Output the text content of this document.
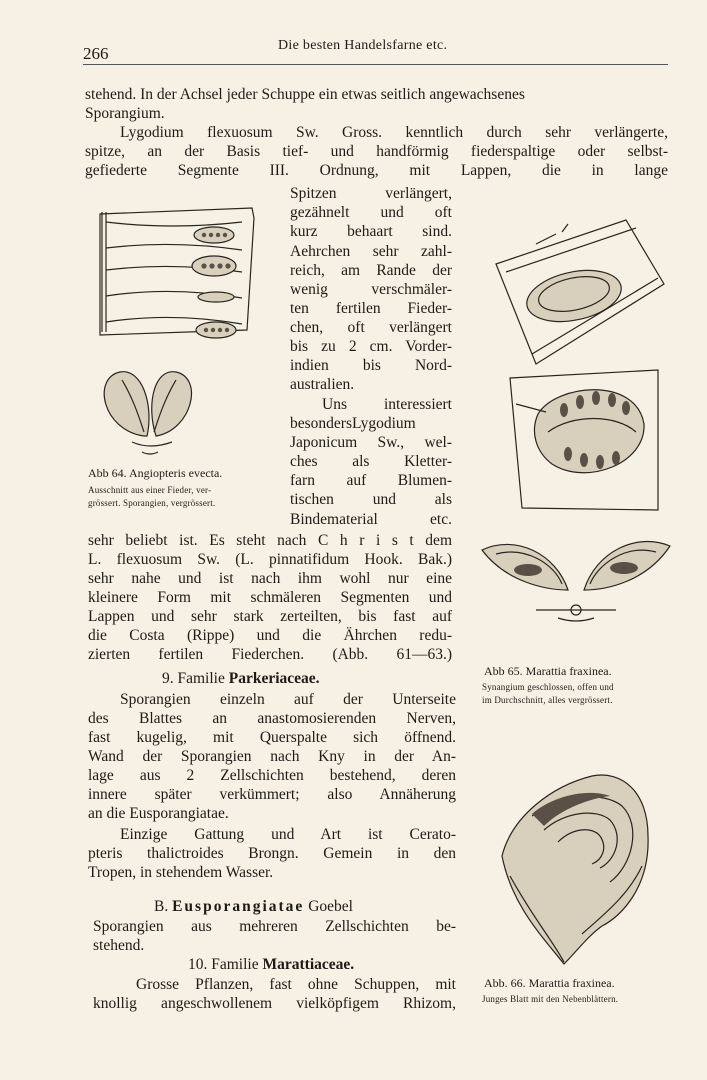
266	Die besten Handelsfarne etc.
stehend. In der Achsel jeder Schuppe ein etwas seitlich angewachsenes
Sporangium.
Lygodium flexuosum Sw. Gross. kenntlich durch sehr verlängerte,
spitze, an der Basis tief- und handförmig fiederspaltige oder selbst-
gefiederte Segmente III. Ordnung, mit Lappen, die in lange
Spitzen verlängert,
gezähnelt und oft
kurz behaart sind.
Aehrchen sehr zahl-
reich, am Rande der
wenig verschmäler-
ten fertilen Fieder-
chen, oft verlängert
bis zu 2 cm. Vorder-
indien bis Nord-
australien.
Uns interessiert
besondersLygodium
Japonicum Sw., wel-
ches als Kletter-
farn auf Blumen-
tischen und als
Bindematerial etc.
Abb 64. Angiopteris evecta.
Ausschnitt aus einer Fieder, ver-
grössert. Sporangien, vergrössert.
Abb 65. Marattia fraxinea.
Synangium geschlossen, offen und
im Durchschnitt, alles vergrössert.
sehr beliebt ist. Es steht nach C h r i s t dem
L. flexuosum Sw. (L. pinnatifidum Hook. Bak.)
sehr nahe und ist nach ihm wohl nur eine
kleinere Form mit schmäleren Segmenten und
Lappen und sehr stark zerteilten, bis fast auf
die Costa (Rippe) und die Ährchen redu-
zierten fertilen Fiederchen. (Abb. 61—63.)
9. Familie Parkeriaceae.
Sporangien einzeln auf der Unterseite
des Blattes an anastomosierenden Nerven,
fast kugelig, mit Querspalte sich öffnend.
Wand der Sporangien nach Kny in der An-
lage aus 2 Zellschichten bestehend, deren
innere später verkümmert; also Annäherung
an die Eusporangiatae.
Einzige Gattung und Art ist Cerato-
pteris thalictroides Brongn. Gemein in den
Tropen, in stehendem Wasser.
B. Eusporangiatae Goebel
Sporangien aus mehreren Zellschichten be-
stehend.
10. Familie Marattiaceae.
Grosse Pflanzen, fast ohne Schuppen, mit
knollig angeschwollenem vielköpfigem Rhizom,
Abb. 66. Marattia fraxinea.
Junges Blatt mit den Nebenblättern.
